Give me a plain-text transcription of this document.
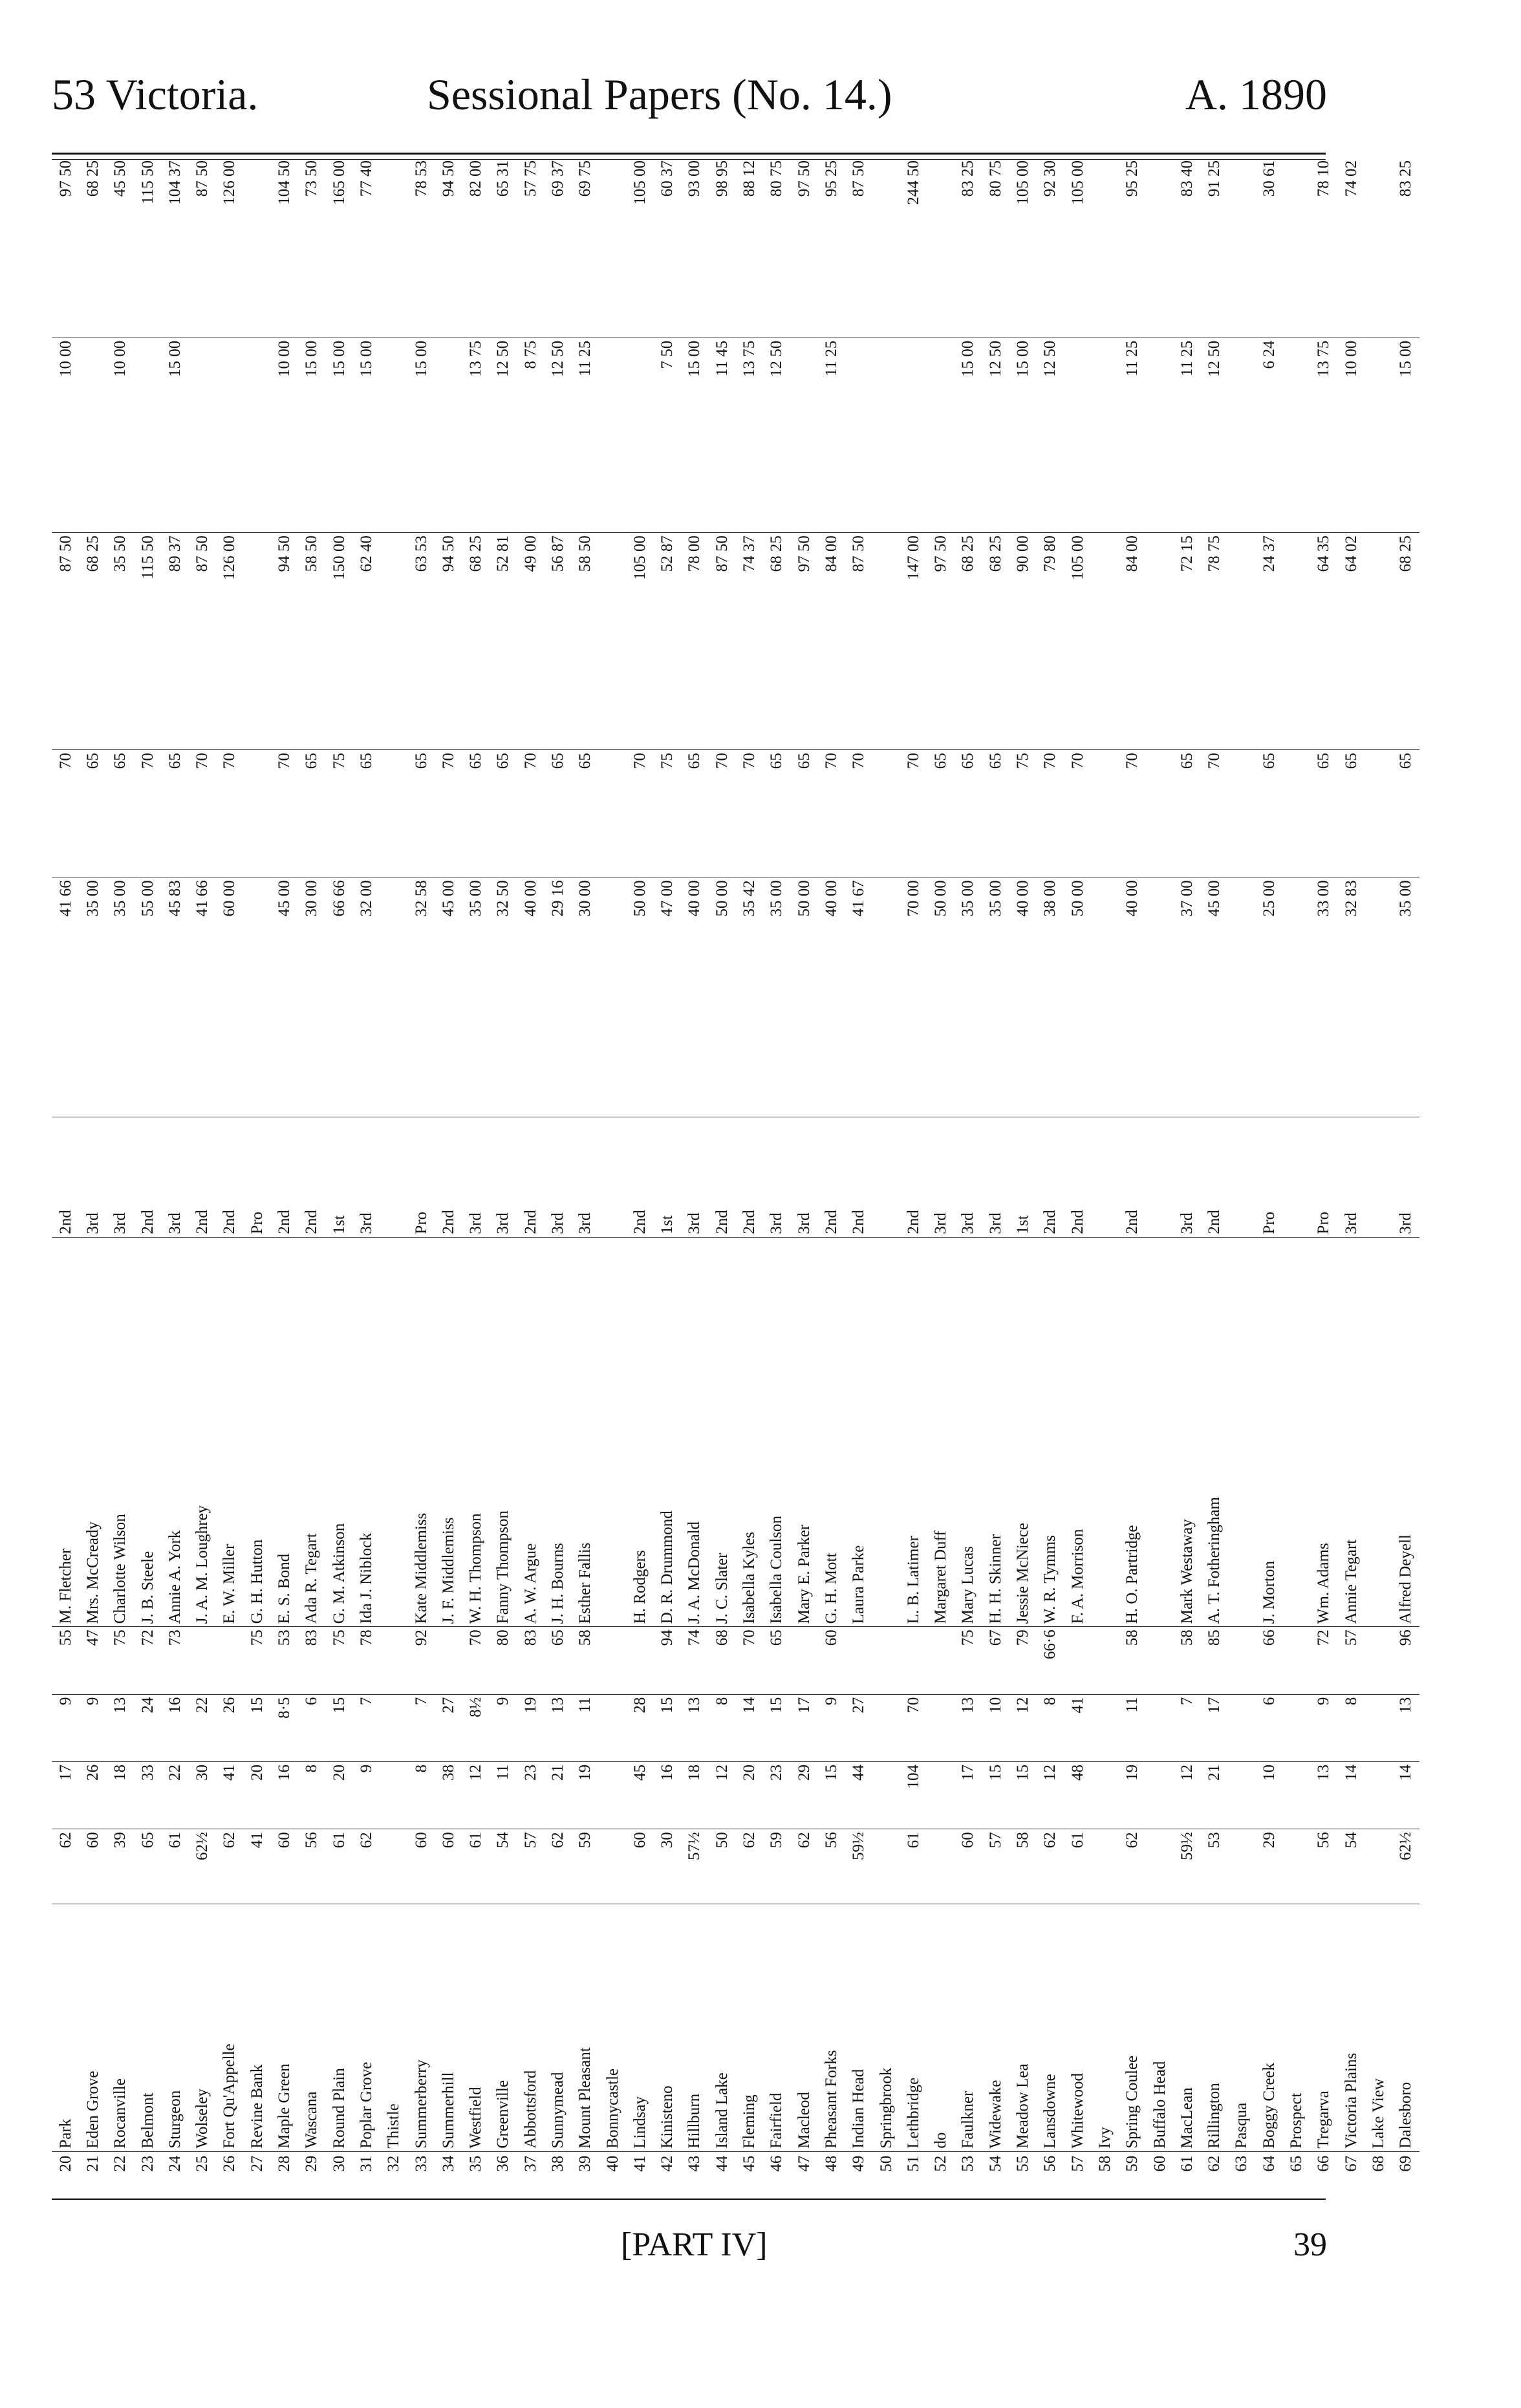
53 Victoria.	Sessional Papers (No. 14.)	A. 1890
20	Park	62	17	9	55	M. Fletcher	2nd	41 66	70	87 50	10 00	97 50
21	Eden Grove	60	26	9	47	Mrs. McCready	3rd	35 00	65	68 25		68 25
22	Rocanville	39	18	13	75	Charlotte Wilson	3rd	35 00	65	35 50	10 00	45 50
23	Belmont	65	33	24	72	J. B. Steele	2nd	55 00	70	115 50		115 50
24	Sturgeon	61	22	16	73	Annie A. York	3rd	45 83	65	89 37	15 00	104 37
25	Wolseley	62½	30	22		J. A. M. Loughrey	2nd	41 66	70	87 50		87 50
26	Fort Qu'Appelle	62	41	26		E. W. Miller	2nd	60 00	70	126 00		126 00
27	Revine Bank	41	20	15	75	G. H. Hutton	Pro					
28	Maple Green	60	16	8·5	53	E. S. Bond	2nd	45 00	70	94 50	10 00	104 50
29	Wascana	56	8	6	83	Ada R. Tegart	2nd	30 00	65	58 50	15 00	73 50
30	Round Plain	61	20	15	75	G. M. Atkinson	1st	66 66	75	150 00	15 00	165 00
31	Poplar Grove	62	9	7	78	Ida J. Niblock	3rd	32 00	65	62 40	15 00	77 40
32	Thistle											
33	Summerberry	60	8	7	92	Kate Middlemiss	Pro	32 58	65	63 53	15 00	78 53
34	Summerhill	60	38	27		J. F. Middlemiss	2nd	45 00	70	94 50		94 50
35	Westfield	61	12	8½	70	W. H. Thompson	3rd	35 00	65	68 25	13 75	82 00
36	Greenville	54	11	9	80	Fanny Thompson	3rd	32 50	65	52 81	12 50	65 31
37	Abbottsford	57	23	19	83	A. W. Argue	2nd	40 00	70	49 00	8 75	57 75
38	Sunnymead	62	21	13	65	J. H. Bourns	3rd	29 16	65	56 87	12 50	69 37
39	Mount Pleasant	59	19	11	58	Esther Fallis	3rd	30 00	65	58 50	11 25	69 75
40	Bonnycastle											
41	Lindsay	60	45	28		H. Rodgers	2nd	50 00	70	105 00		105 00
42	Kinisteno	30	16	15	94	D. R. Drummond	1st	47 00	75	52 87	7 50	60 37
43	Hillburn	57½	18	13	74	J. A. McDonald	3rd	40 00	65	78 00	15 00	93 00
44	Island Lake	50	12	8	68	J. C. Slater	2nd	50 00	70	87 50	11 45	98 95
45	Fleming	62	20	14	70	Isabella Kyles	2nd	35 42	70	74 37	13 75	88 12
46	Fairfield	59	23	15	65	Isabella Coulson	3rd	35 00	65	68 25	12 50	80 75
47	Macleod	62	29	17		Mary E. Parker	3rd	50 00	65	97 50		97 50
48	Pheasant Forks	56	15	9	60	G. H. Mott	2nd	40 00	70	84 00	11 25	95 25
49	Indian Head	59½	44	27		Laura Parke	2nd	41 67	70	87 50		87 50
50	Springbrook											
51	Lethbridge	61	104	70		L. B. Latimer	2nd	70 00	70	147 00		244 50
52	do					Margaret Duff	3rd	50 00	65	97 50		
53	Faulkner	60	17	13	75	Mary Lucas	3rd	35 00	65	68 25	15 00	83 25
54	Widewake	57	15	10	67	H. H. Skinner	3rd	35 00	65	68 25	12 50	80 75
55	Meadow Lea	58	15	12	79	Jessie McNiece	1st	40 00	75	90 00	15 00	105 00
56	Lansdowne	62	12	8	66·6	W. R. Tymms	2nd	38 00	70	79 80	12 50	92 30
57	Whitewood	61	48	41		F. A. Morrison	2nd	50 00	70	105 00		105 00
58	Ivy											
59	Spring Coulee	62	19	11	58	H. O. Partridge	2nd	40 00	70	84 00	11 25	95 25
60	Buffalo Head											
61	MacLean	59½	12	7	58	Mark Westaway	3rd	37 00	65	72 15	11 25	83 40
62	Rillington	53	21	17	85	A. T. Fotheringham	2nd	45 00	70	78 75	12 50	91 25
63	Pasqua											
64	Boggy Creek	29	10	6	66	J. Morton	Pro	25 00	65	24 37	6 24	30 61
65	Prospect											
66	Tregarva	56	13	9	72	Wm. Adams	Pro	33 00	65	64 35	13 75	78 10
67	Victoria Plains	54	14	8	57	Annie Tegart	3rd	32 83	65	64 02	10 00	74 02
68	Lake View											
69	Dalesboro	62½	14	13	96	Alfred Deyell	3rd	35 00	65	68 25	15 00	83 25
[PART IV]	39
